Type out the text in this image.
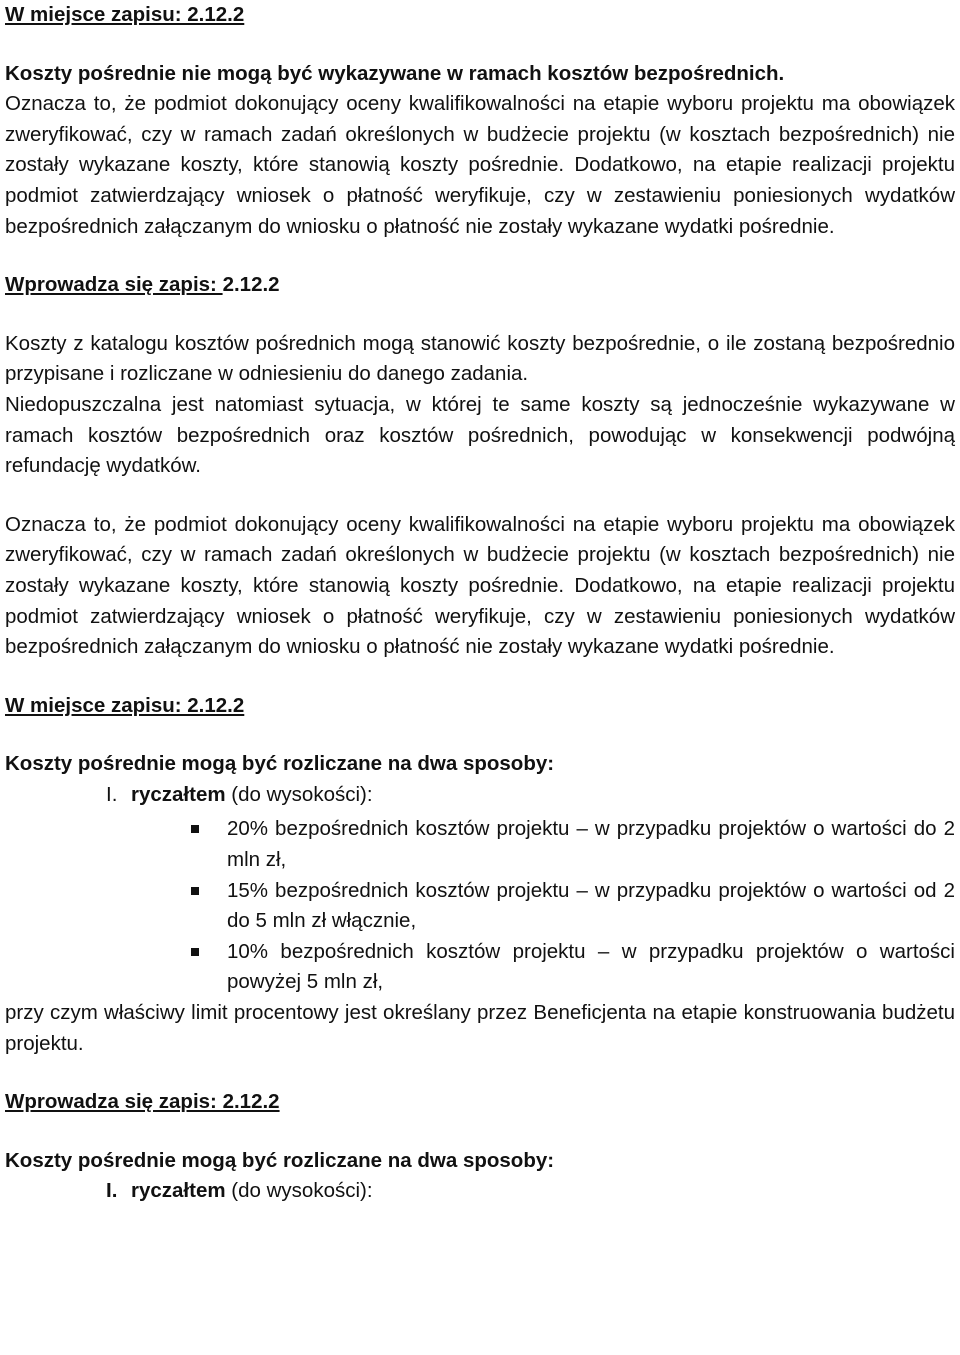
W miejsce zapisu: 2.12.2

Koszty pośrednie nie mogą być wykazywane w ramach kosztów bezpośrednich.

Oznacza to, że podmiot dokonujący oceny kwalifikowalności na etapie wyboru projektu ma obowiązek zweryfikować, czy w ramach zadań określonych w budżecie projektu (w kosztach bezpośrednich) nie zostały wykazane koszty, które stanowią koszty pośrednie. Dodatkowo, na etapie realizacji projektu podmiot zatwierdzający wniosek o płatność weryfikuje, czy w zestawieniu poniesionych wydatków bezpośrednich załączanym do wniosku o płatność nie zostały wykazane wydatki pośrednie.

Wprowadza się zapis: 2.12.2

Koszty z katalogu kosztów pośrednich mogą stanowić koszty bezpośrednie, o ile zostaną bezpośrednio przypisane i rozliczane w odniesieniu do danego zadania.

Niedopuszczalna jest natomiast sytuacja, w której te same koszty są jednocześnie wykazywane w ramach kosztów bezpośrednich oraz kosztów pośrednich, powodując w konsekwencji podwójną refundację wydatków.

Oznacza to, że podmiot dokonujący oceny kwalifikowalności na etapie wyboru projektu ma obowiązek zweryfikować, czy w ramach zadań określonych w budżecie projektu (w kosztach bezpośrednich) nie zostały wykazane koszty, które stanowią koszty pośrednie. Dodatkowo, na etapie realizacji projektu podmiot zatwierdzający wniosek o płatność weryfikuje, czy w zestawieniu poniesionych wydatków bezpośrednich załączanym do wniosku o płatność nie zostały wykazane wydatki pośrednie.

W miejsce zapisu: 2.12.2

Koszty pośrednie mogą być rozliczane na dwa sposoby:

I. ryczałtem (do wysokości):
20% bezpośrednich kosztów projektu – w przypadku projektów o wartości do 2 mln zł,
15% bezpośrednich kosztów projektu – w przypadku projektów o wartości od 2 do 5 mln zł włącznie,
10% bezpośrednich kosztów projektu – w przypadku projektów o wartości powyżej 5 mln zł,

przy czym właściwy limit procentowy jest określany przez Beneficjenta na etapie konstruowania budżetu projektu.

Wprowadza się zapis: 2.12.2

Koszty pośrednie mogą być rozliczane na dwa sposoby:

I. ryczałtem (do wysokości):
